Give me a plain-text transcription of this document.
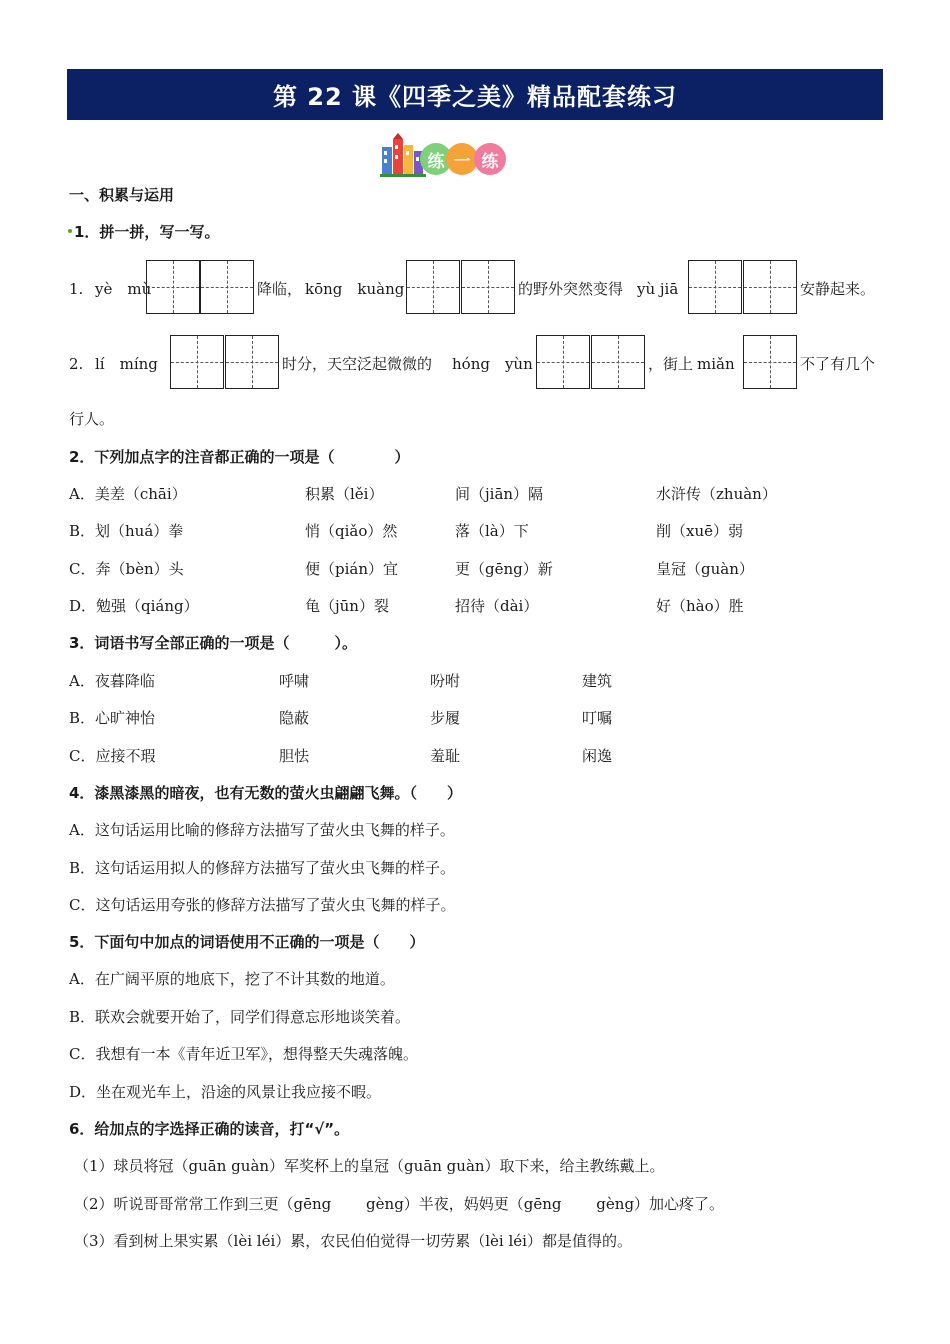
第 22 课《四季之美》精品配套练习
练 一 练
一、积累与运用
1．拼一拼，写一写。
1. yè　mù	降临， kōng　kuàng	的野外突然变得 yù jiā	安静起来。
2. lí　míng	时分，天空泛起微微的 hóng　yùn	，街上 miǎn	不了有几个
行人。
2．下列加点字的注音都正确的一项是（　　　　）
A．美差（chāi）	积累（lěi）	间（jiān）隔	水浒传（zhuàn）
B．划（huá）拳	悄（qiǎo）然	落（là）下	削（xuē）弱
C．奔（bèn）头	便（pián）宜	更（gēng）新	皇冠（guàn）
D．勉强（qiáng）	龟（jūn）裂	招待（dài）	好（hào）胜
3．词语书写全部正确的一项是（　　　）。
A．夜暮降临	呼啸	吩咐	建筑
B．心旷神怡	隐蔽	步履	叮嘱
C．应接不瑕	胆怯	羞耻	闲逸
4．漆黑漆黑的暗夜，也有无数的萤火虫翩翩飞舞。（　　）
A．这句话运用比喻的修辞方法描写了萤火虫飞舞的样子。
B．这句话运用拟人的修辞方法描写了萤火虫飞舞的样子。
C．这句话运用夸张的修辞方法描写了萤火虫飞舞的样子。
5．下面句中加点的词语使用不正确的一项是（　　）
A．在广阔平原的地底下，挖了不计其数的地道。
B．联欢会就要开始了，同学们得意忘形地谈笑着。
C．我想有一本《青年近卫军》，想得整天失魂落魄。
D．坐在观光车上，沿途的风景让我应接不暇。
6．给加点的字选择正确的读音，打“√”。
（1）球员将冠（guān guàn）军奖杯上的皇冠（guān guàn）取下来，给主教练戴上。
（2）听说哥哥常常工作到三更（gēng　　 gèng）半夜，妈妈更（gēng　　 gèng）加心疼了。
（3）看到树上果实累（lèi léi）累，农民伯伯觉得一切劳累（lèi léi）都是值得的。
